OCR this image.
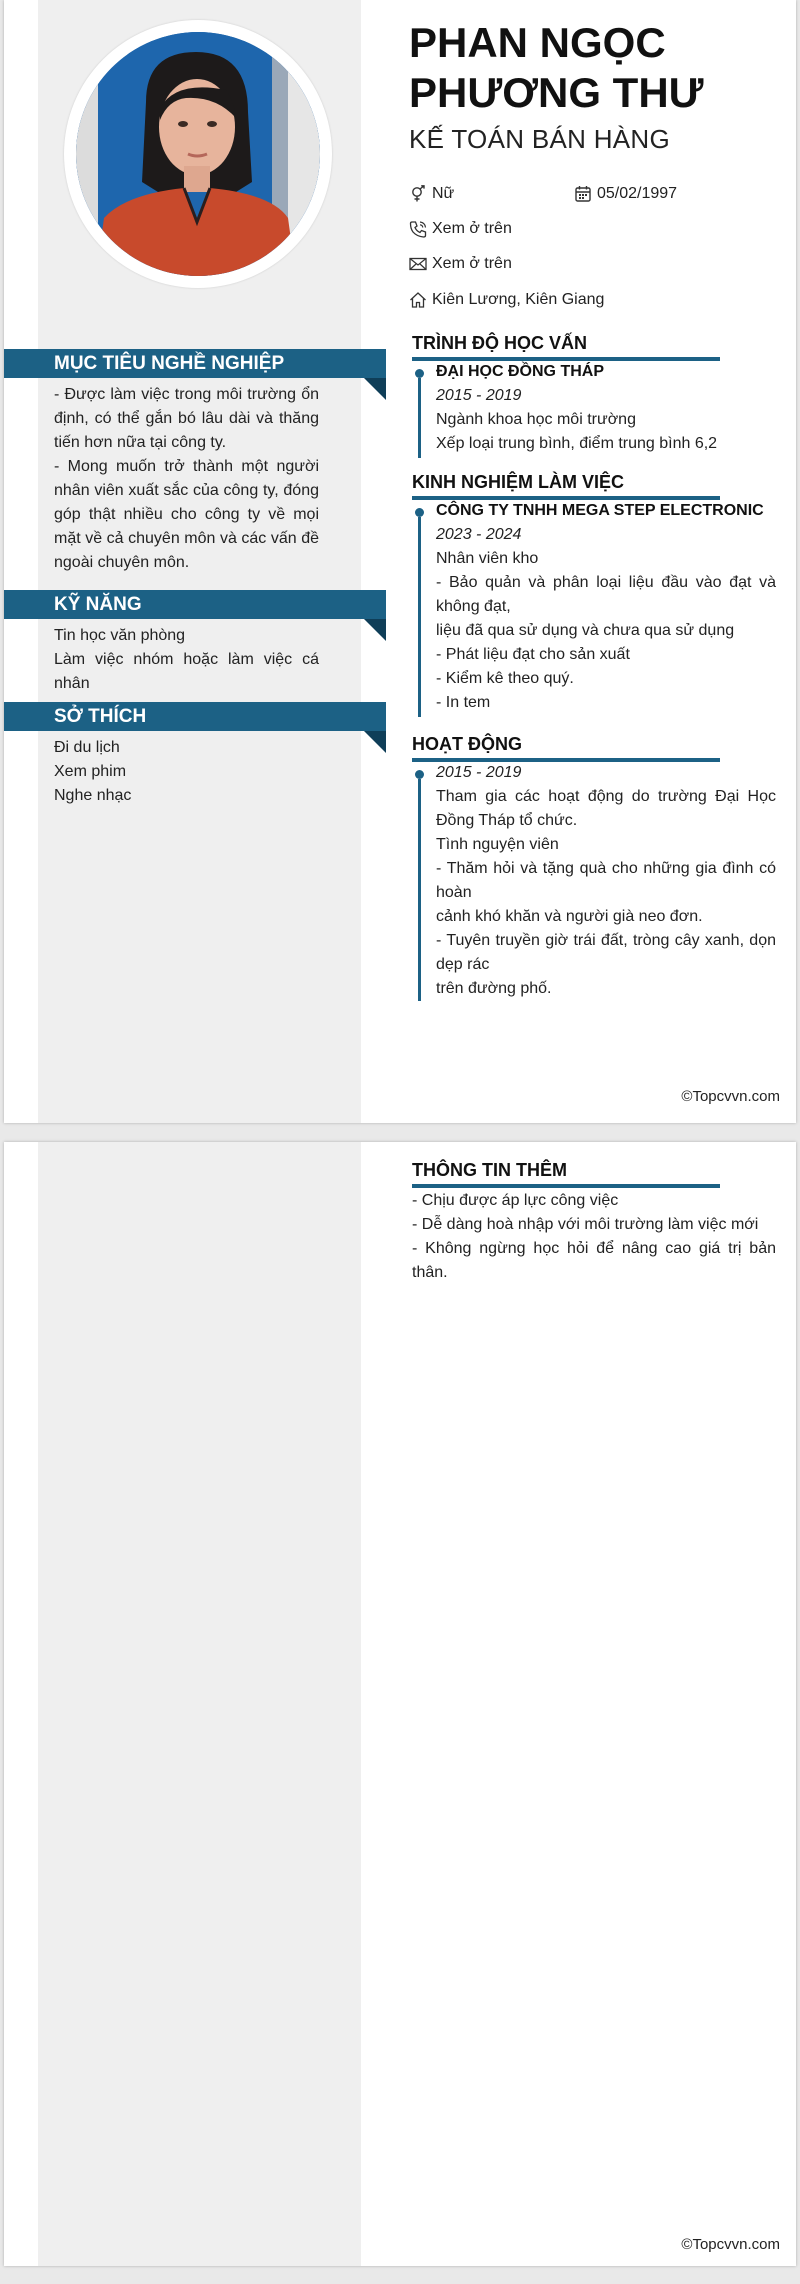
PHAN NGỌC
PHƯƠNG THƯ
KẾ TOÁN BÁN HÀNG
Nữ	05/02/1997
Xem ở trên
Xem ở trên
Kiên Lương, Kiên Giang
MỤC TIÊU NGHỀ NGHIỆP

- Được làm việc trong môi trường ổn định, có thể gắn bó lâu dài và thăng tiến hơn nữa tại công ty.

- Mong muốn trở thành một người nhân viên xuất sắc của công ty, đóng góp thật nhiều cho công ty về mọi mặt về cả chuyên môn và các vấn đề ngoài chuyên môn.

KỸ NĂNG

Tin học văn phòng

Làm việc nhóm hoặc làm việc cá nhân

SỞ THÍCH

Đi du lịch

Xem phim

Nghe nhạc

TRÌNH ĐỘ HỌC VẤN

ĐẠI HỌC ĐỒNG THÁP

2015 - 2019

Ngành khoa học môi trường

Xếp loại trung bình, điểm trung bình 6,2

KINH NGHIỆM LÀM VIỆC

CÔNG TY TNHH MEGA STEP ELECTRONIC

2023 - 2024

Nhân viên kho

- Bảo quản và phân loại liệu đầu vào đạt và không đạt,

liệu đã qua sử dụng và chưa qua sử dụng

- Phát liệu đạt cho sản xuất

- Kiểm kê theo quý.

- In tem

HOẠT ĐỘNG

2015 - 2019

Tham gia các hoạt động do trường Đại Học Đồng Tháp tổ chức.

Tình nguyện viên

- Thăm hỏi và tặng quà cho những gia đình có hoàn

cảnh khó khăn và người già neo đơn.

- Tuyên truyền giờ trái đất, tròng cây xanh, dọn dẹp rác

trên đường phố.

©Topcvvn.com
THÔNG TIN THÊM

- Chịu được áp lực công việc

- Dễ dàng hoà nhập với môi trường làm việc mới

- Không ngừng học hỏi để nâng cao giá trị bản thân.

©Topcvvn.com
